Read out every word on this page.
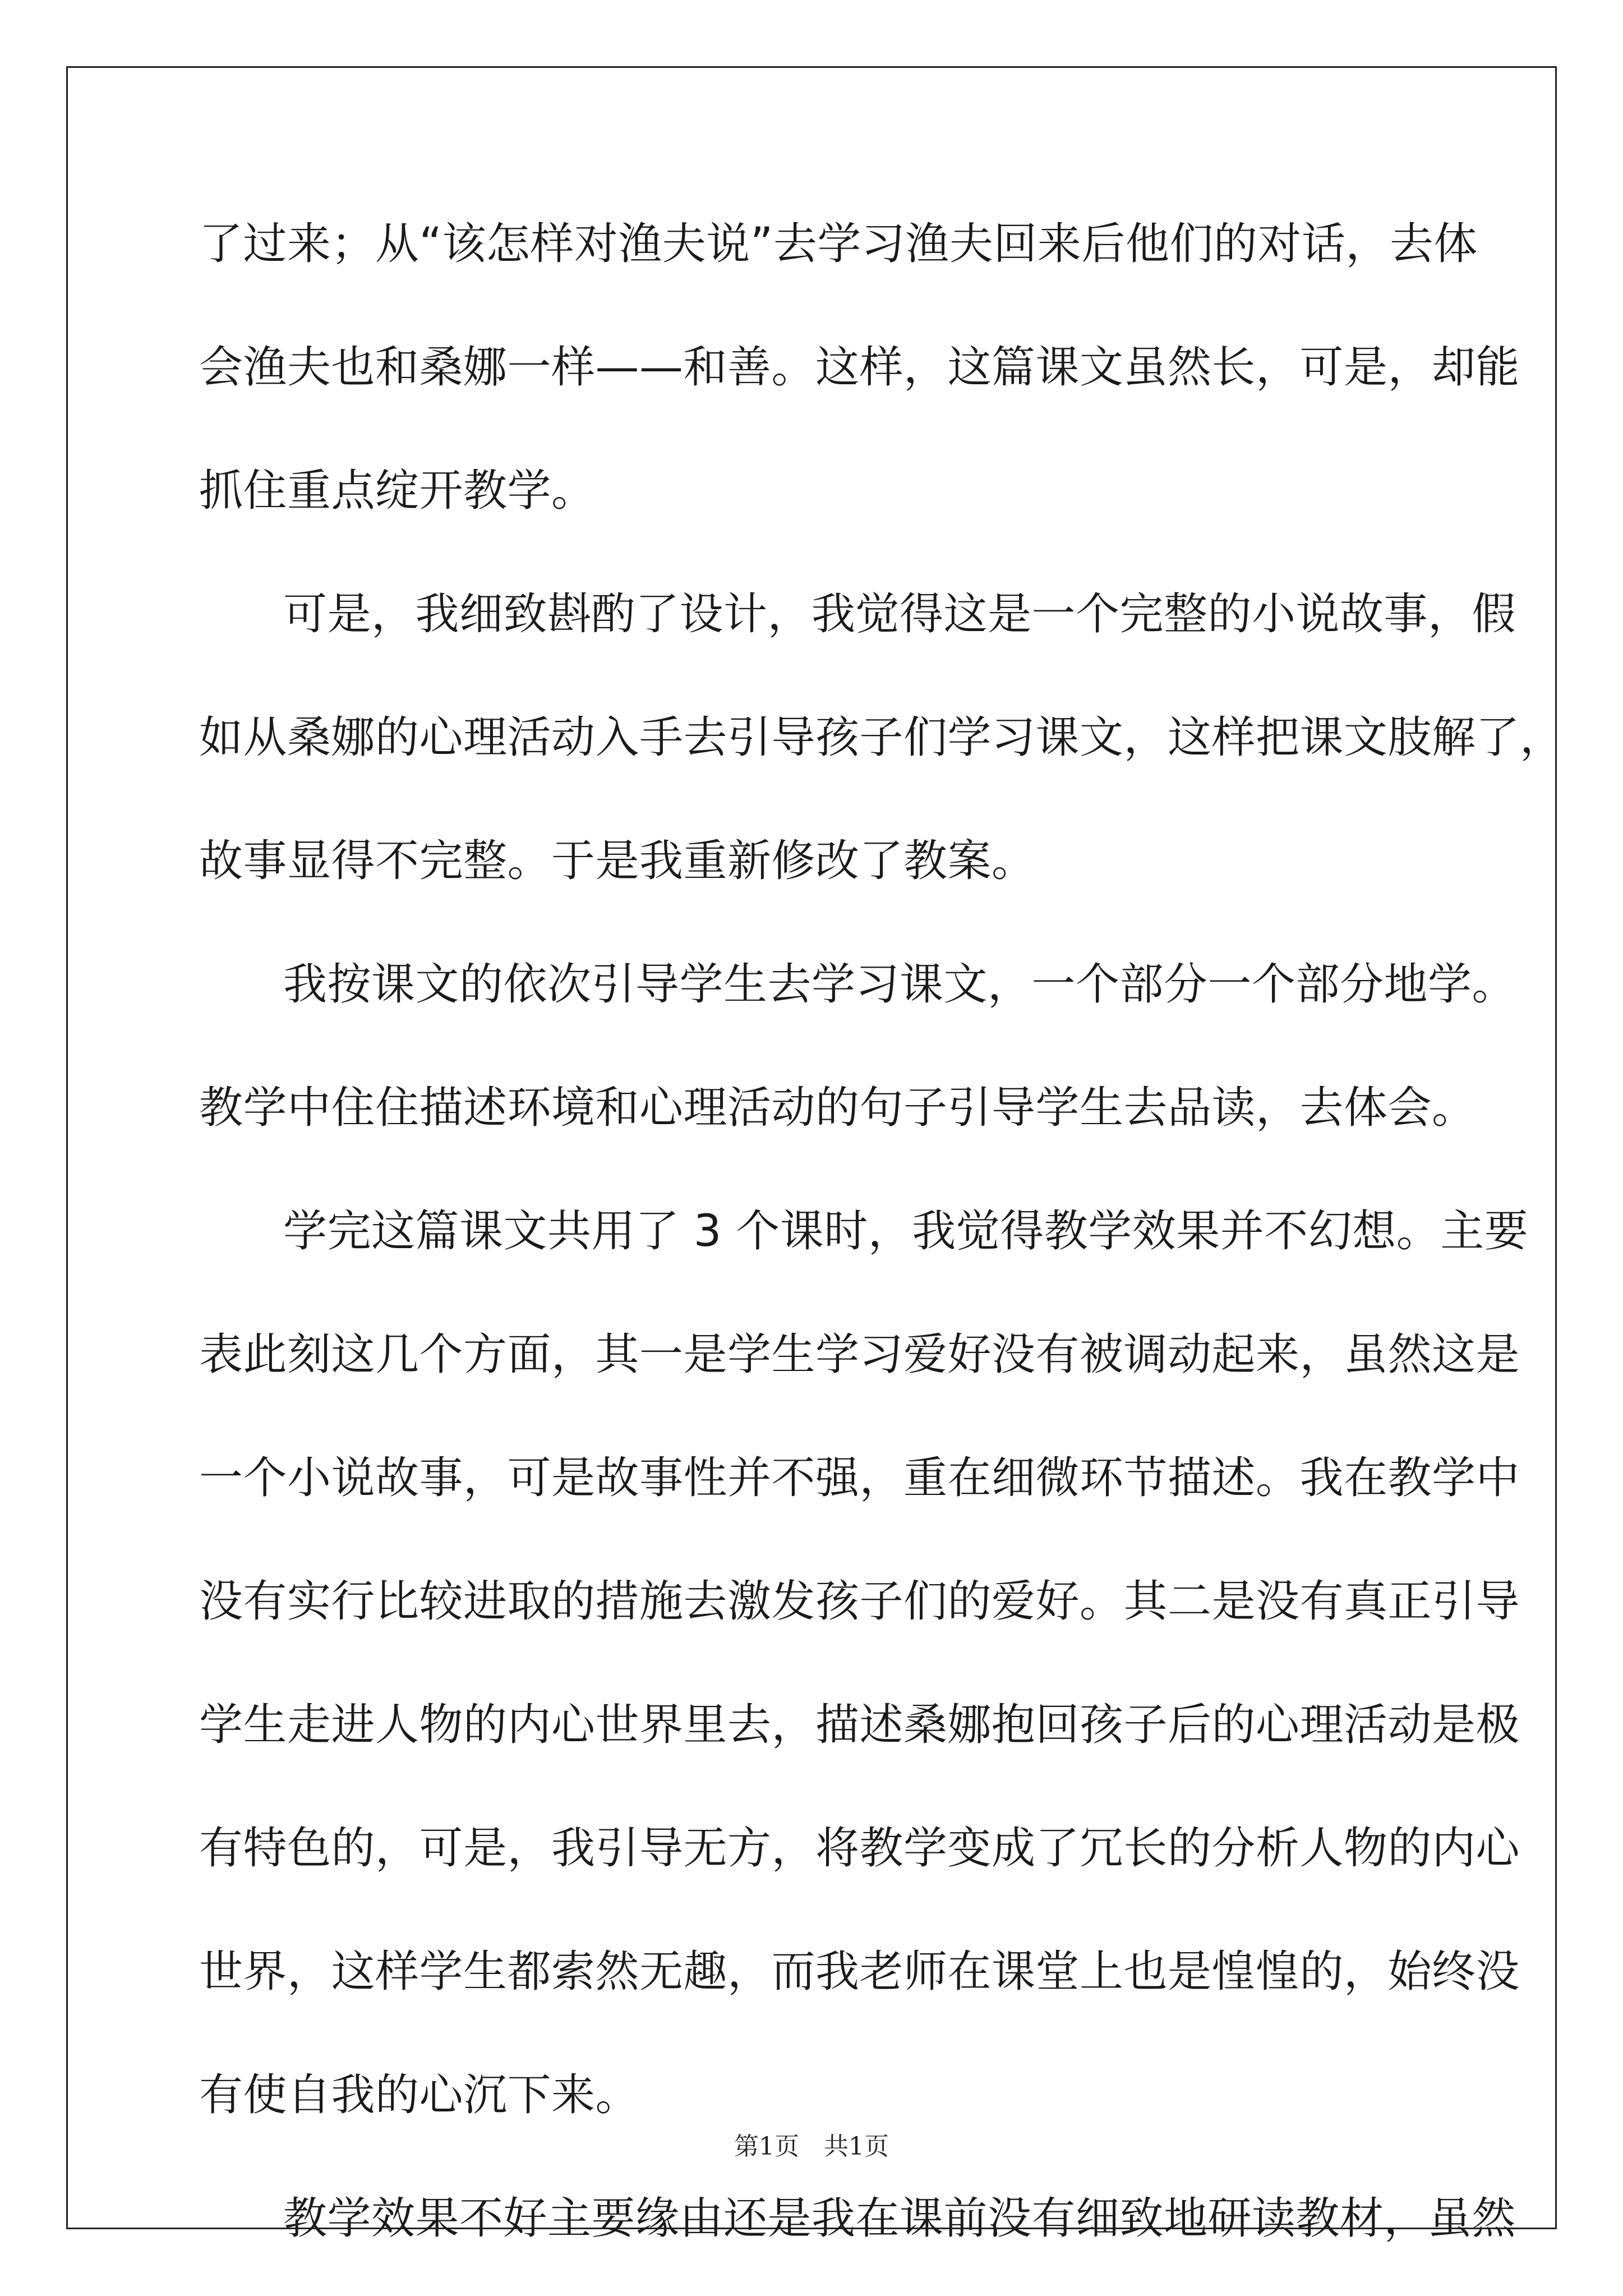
了过来；从“该怎样对渔夫说”去学习渔夫回来后他们的对话，去体
会渔夫也和桑娜一样——和善。这样，这篇课文虽然长，可是，却能
抓住重点绽开教学。
可是，我细致斟酌了设计，我觉得这是一个完整的小说故事，假
如从桑娜的心理活动入手去引导孩子们学习课文，这样把课文肢解了，
故事显得不完整。于是我重新修改了教案。
我按课文的依次引导学生去学习课文，一个部分一个部分地学。
教学中住住描述环境和心理活动的句子引导学生去品读，去体会。
学完这篇课文共用了 3 个课时，我觉得教学效果并不幻想。主要
表此刻这几个方面，其一是学生学习爱好没有被调动起来，虽然这是
一个小说故事，可是故事性并不强，重在细微环节描述。我在教学中
没有实行比较进取的措施去激发孩子们的爱好。其二是没有真正引导
学生走进人物的内心世界里去，描述桑娜抱回孩子后的心理活动是极
有特色的，可是，我引导无方，将教学变成了冗长的分析人物的内心
世界，这样学生都索然无趣，而我老师在课堂上也是惶惶的，始终没
有使自我的心沉下来。
教学效果不好主要缘由还是我在课前没有细致地研读教材，虽然
第1页　共1页
